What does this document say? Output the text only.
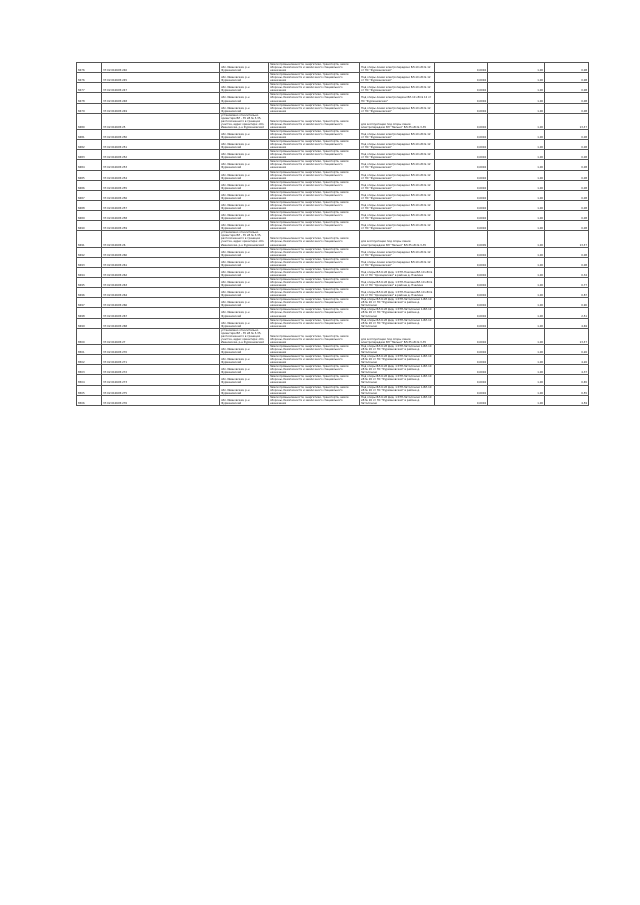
8476	37:02:010605:240	обл. Ивановская, р-н Фурмановский	Земли промышленности, энергетики, транспорта, земли обороны, безопасности и земли иного специального назначения	Под опоры линии электропередачи ВЛ-10 кВ № 12 от ПС "Фурмановская"	0,0004	1,00	0,08
8476	37:02:010605:245	обл. Ивановская, р-н Фурмановский	Земли промышленности, энергетики, транспорта, земли обороны, безопасности и земли иного специального назначения	Под опоры линии электропередачи ВЛ-10 кВ № 12 от ПС "Фурмановская"	0,0004	1,00	0,08
8477	37:02:010605:247	обл. Ивановская, р-н Фурмановский	Земли промышленности, энергетики, транспорта, земли обороны, безопасности и земли иного специального назначения	Под опоры линии электропередачи ВЛ-10 кВ № 12 от ПС "Фурмановская"	0,0004	1,00	0,08
8478	37:02:010605:248	обл. Ивановская, р-н Фурмановский	Земли промышленности, энергетики, транспорта, земли обороны, безопасности и земли иного специального назначения	Под опоры линии электропедачи ВЛ-10 кВ № 12 от ПС "Фурмановская"	0,0004	1,00	0,08
8479	37:02:010605:249	обл. Ивановская, р-н Фурмановский	Земли промышленности, энергетики, транспорта, земли обороны, безопасности и земли иного специального назначения	Под опоры линии электропередачи ВЛ-10 кВ № 12 от ПС "Фурмановская"	0,0004	1,00	0,08
8480	37:02:010605:25	установлено относительно ориентира ВЛ - 35 кВ № 3-35, расположенного в границах участка, адрес ориентира: обл. Ивановская, р-н Фурмановский	Земли промышленности, энергетики, транспорта, земли обороны, безопасности и земли иного специального назначения	для эксплуатации под опоры линии электропередачи ВЛ "Пельня" ВЛ-35 кВ № 3-35	0,0004	1,00	13,37
8481	37:02:010605:250	обл. Ивановская, р-н Фурмановский	Земли промышленности, энергетики, транспорта, земли обороны, безопасности и земли иного специального назначения	Под опоры линии электропередачи ВЛ-10 кВ № 12 от ПС "Фурмановская"	0,0004	1,00	0,08
8482	37:02:010605:251	обл. Ивановская, р-н Фурмановский	Земли промышленности, энергетики, транспорта, земли обороны, безопасности и земли иного специального назначения	Под опоры линии электропередачи ВЛ-10 кВ № 12 от ПС "Фурмановская"	0,0004	1,00	0,08
8483	37:02:010605:252	обл. Ивановская, р-н Фурмановский	Земли промышленности, энергетики, транспорта, земли обороны, безопасности и земли иного специального назначения	Под опоры линии электропередачи ВЛ-10 кВ № 12 от ПС "Фурмановская"	0,0004	1,00	0,08
8484	37:02:010605:253	обл. Ивановская, р-н Фурмановский	Земли промышленности, энергетики, транспорта, земли обороны, безопасности и земли иного специального назначения	Под опоры линии электропередачи ВЛ-10 кВ № 12 от ПС "Фурмановская"	0,0004	1,00	0,08
8485	37:02:010605:254	обл. Ивановская, р-н Фурмановский	Земли промышленности, энергетики, транспорта, земли обороны, безопасности и земли иного специального назначения	Под опоры линии электропередачи ВЛ-10 кВ № 12 от ПС "Фурмановская"	0,0004	1,00	0,08
8486	37:02:010605:255	обл. Ивановская, р-н Фурмановский	Земли промышленности, энергетики, транспорта, земли обороны, безопасности и земли иного специального назначения	Под опоры линии электропередачи ВЛ-10 кВ № 12 от ПС "Фурмановская"	0,0004	1,00	0,08
8487	37:02:010605:256	обл. Ивановская, р-н Фурмановский	Земли промышленности, энергетики, транспорта, земли обороны, безопасности и земли иного специального назначения	Под опоры линии электропередачи ВЛ-10 кВ № 12 от ПС "Фурмановская"	0,0004	1,00	0,08
8488	37:02:010605:257	обл. Ивановская, р-н Фурмановский	Земли промышленности, энергетики, транспорта, земли обороны, безопасности и земли иного специального назначения	Под опоры линии электропередачи ВЛ-10 кВ № 12 от ПС "Фурмановская"	0,0004	1,00	0,08
8489	37:02:010605:258	обл. Ивановская, р-н Фурмановский	Земли промышленности, энергетики, транспорта, земли обороны, безопасности и земли иного специального назначения	Под опоры линии электропередачи ВЛ-10 кВ № 12 от ПС "Фурмановская"	0,0004	1,00	0,08
8490	37:02:010605:259	обл. Ивановская, р-н Фурмановский	Земли промышленности, энергетики, транспорта, земли обороны, безопасности и земли иного специального назначения	Под опоры линии электропередачи ВЛ-10 кВ № 12 от ПС "Фурмановская"	0,0004	1,00	0,08
8491	37:02:010605:26	установлено относительно ориентира ВЛ - 35 кВ № 3-35, расположенного в границах участка, адрес ориентира: обл. Ивановская, р-н Фурмановский	Земли промышленности, энергетики, транспорта, земли обороны, безопасности и земли иного специального назначения	для эксплуатации под опоры линии электропередачи ВЛ "Пельня" ВЛ-35 кВ № 3-35	0,0009	1,00	13,37
8492	37:02:010605:260	обл. Ивановская, р-н Фурмановский	Земли промышленности, энергетики, транспорта, земли обороны, безопасности и земли иного специального назначения	Под опоры линии электропередачи ВЛ-10 кВ № 12 от ПС "Фурмановская"	0,0004	1,00	0,08
8493	37:02:010605:261	обл. Ивановская, р-н Фурмановский	Земли промышленности, энергетики, транспорта, земли обороны, безопасности и земли иного специального назначения	Под опоры линии электропередачи ВЛ-10 кВ № 12 от ПС "Фурмановская"	0,0004	1,00	0,08
8494	37:02:010605:262	обл. Ивановская, р-н Фурмановский	Земли промышленности, энергетики, транспорта, земли обороны, безопасности и земли иного специального назначения	Под опоры ВЛ-6 кВ фид. 1 КТП-Пчелина ВЛ-10 кВ № 01 от ПС "Хромцовская" в районе д. Пчелина	0,0004	1,00	0,34
8495	37:02:010605:263	обл. Ивановская, р-н Фурмановский	Земли промышленности, энергетики, транспорта, земли обороны, безопасности и земли иного специального назначения	Под опоры ВЛ-6 кВ фид. 1 КТП-Пчелина ВЛ-10 кВ № 01 от ПС "Хромцовская" в районе д. Пчелина	0,0004	1,00	0,77
8496	37:02:010605:264	обл. Ивановская, р-н Фурмановский	Земли промышленности, энергетики, транспорта, земли обороны, безопасности и земли иного специального назначения	Под опоры ВЛ-6 кВ фид. 1 КТП-Пчелина ВЛ-10 кВ № 01 от ПС "Хромцовская" в районе д. Пчелина	0,0004	1,00	0,87
8497	37:02:010605:266	обл. Ивановская, р-н Фурмановский	Земли промышленности, энергетики, транспорта, земли обороны, безопасности и земли иного специального назначения	Под опоры ВЛ-6 кВ фид. 1 КТП-Затолочино 1-ВЛ-10 кВ № 26 от ПС "Фурмановская" в районе д. Затолочино	0,0004	1,00	0,90
8498	37:02:010605:267	обл. Ивановская, р-н Фурмановский	Земли промышленности, энергетики, транспорта, земли обороны, безопасности и земли иного специального назначения	Под опоры ВЛ-6 кВ фид. 1 КТП-Затолочино 1-ВЛ-10 кВ № 26 от ПС "Фурмановская" в районе д. Затолочино	0,0004	1,00	2,51
8499	37:02:010605:268	обл. Ивановская, р-н Фурмановский	Земли промышленности, энергетики, транспорта, земли обороны, безопасности и земли иного специального назначения	Под опоры ВЛ-6 кВ фид. 1 КТП-Затолочино 1-ВЛ-10 кВ № 26 от ПС "Фурмановская" в районе д. Затолочино	0,0004	1,00	4,69
8500	37:02:010605:27	установлено относительно ориентира ВЛ - 35 кВ № 3-35, расположенного в границах участка, адрес ориентира: обл. Ивановская, р-н Фурмановский	Земли промышленности, энергетики, транспорта, земли обороны, безопасности и земли иного специального назначения	для эксплуатации под опоры линии электропередачи ВЛ "Пельня" ВЛ-35 кВ № 3-35	0,0004	1,00	13,37
8501	37:02:010605:270	обл. Ивановская, р-н Фурмановский	Земли промышленности, энергетики, транспорта, земли обороны, безопасности и земли иного специального назначения	Под опоры ВЛ-6 кВ фид. 1 КТП-Затолочино 1-ВЛ-10 кВ № 26 от ПС "Фурмановская" в районе д. Затолочино	0,0004	1,00	0,26
8502	37:02:010605:271	обл. Ивановская, р-н Фурмановский	Земли промышленности, энергетики, транспорта, земли обороны, безопасности и земли иного специального назначения	Под опоры ВЛ-6 кВ фид. 1 КТП-Затолочино 1-ВЛ-10 кВ № 26 от ПС "Фурмановская" в районе д. Затолочино	0,0004	1,00	4,26
8503	37:02:010605:272	обл. Ивановская, р-н Фурмановский	Земли промышленности, энергетики, транспорта, земли обороны, безопасности и земли иного специального назначения	Под опоры ВЛ-6 кВ фид. 1 КТП-Затолочино 1-ВЛ-10 кВ № 26 от ПС "Фурмановская" в районе д. Затолочино	0,0004	1,00	4,37
8504	37:02:010605:273	обл. Ивановская, р-н Фурмановский	Земли промышленности, энергетики, транспорта, земли обороны, безопасности и земли иного специального назначения	Под опоры ВЛ-6 кВ фид. 1 КТП-Затолочино 1-ВЛ-10 кВ № 26 от ПС "Фурмановская" в районе д. Затолочино	0,0004	1,00	0,65
8505	37:02:010605:275	обл. Ивановская, р-н Фурмановский	Земли промышленности, энергетики, транспорта, земли обороны, безопасности и земли иного специального назначения	Под опоры ВЛ-6 кВ фид. 1 КТП-Затолочино 1-ВЛ-10 кВ № 26 от ПС "Фурмановская" в районе д. Затолочино	0,0004	1,00	0,55
8506	37:02:010605:276	обл. Ивановская, р-н Фурмановский	Земли промышленности, энергетики, транспорта, земли обороны, безопасности и земли иного специального назначения	Под опоры ВЛ-6 кВ фид. 1 КТП-Затолочино 1-ВЛ-10 кВ № 26 от ПС "Фурмановская" в районе д. Затолочино	0,0004	1,00	4,59
